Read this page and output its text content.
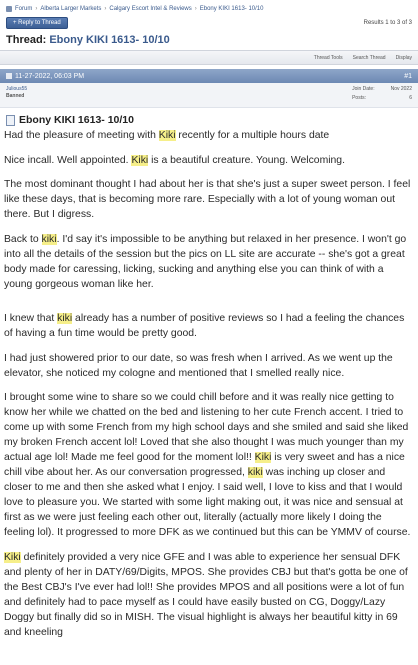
Forum › Alberta Larger Markets › Calgary Escort Intel & Reviews › Ebony KIKI 1613- 10/10
+ Reply to Thread	Results 1 to 3 of 3
Thread: Ebony KIKI 1613- 10/10
Thread Tools Search Thread Display
11-27-2022, 06:03 PM	#1
Julious55
Banned
Join Date:	Nov 2022
Posts:	6
Ebony KIKI 1613- 10/10

Had the pleasure of meeting with Kiki recently for a multiple hours date

Nice incall. Well appointed. Kiki is a beautiful creature. Young. Welcoming.

The most dominant thought I had about her is that she's just a super sweet person. I feel like these days, that is becoming more rare. Especially with a lot of young woman out there. But I digress.

Back to kiki. I'd say it's impossible to be anything but relaxed in her presence. I won't go into all the details of the session but the pics on LL site are accurate -- she's got a great body made for caressing, licking, sucking and anything else you can think of with a young gorgeous woman like her.

I knew that kiki already has a number of positive reviews so I had a feeling the chances of having a fun time would be pretty good.

I had just showered prior to our date, so was fresh when I arrived. As we went up the elevator, she noticed my cologne and mentioned that I smelled really nice.

I brought some wine to share so we could chill before and it was really nice getting to know her while we chatted on the bed and listening to her cute French accent. I tried to come up with some French from my high school days and she smiled and said she liked my broken French accent lol! Loved that she also thought I was much younger than my actual age lol! Made me feel good for the moment lol!! Kiki is very sweet and has a nice chill vibe about her. As our conversation progressed, kiki was inching up closer and closer to me and then she asked what I enjoy. I said well, I love to kiss and that I would love to pleasure you. We started with some light making out, it was nice and sensual at first as we were just feeling each other out, literally (actually more likely I doing the feeling lol). It progressed to more DFK as we continued but this can be YMMV of course.

Kiki definitely provided a very nice GFE and I was able to experience her sensual DFK and plenty of her in DATY/69/Digits, MPOS. She provides CBJ but that's gotta be one of the Best CBJ's I've ever had lol!! She provides MPOS and all positions were a lot of fun and definitely had to pace myself as I could have easily busted on CG, Doggy/Lazy Doggy but finally did so in MISH. The visual highlight is always her beautiful kitty in 69 and kneeling
